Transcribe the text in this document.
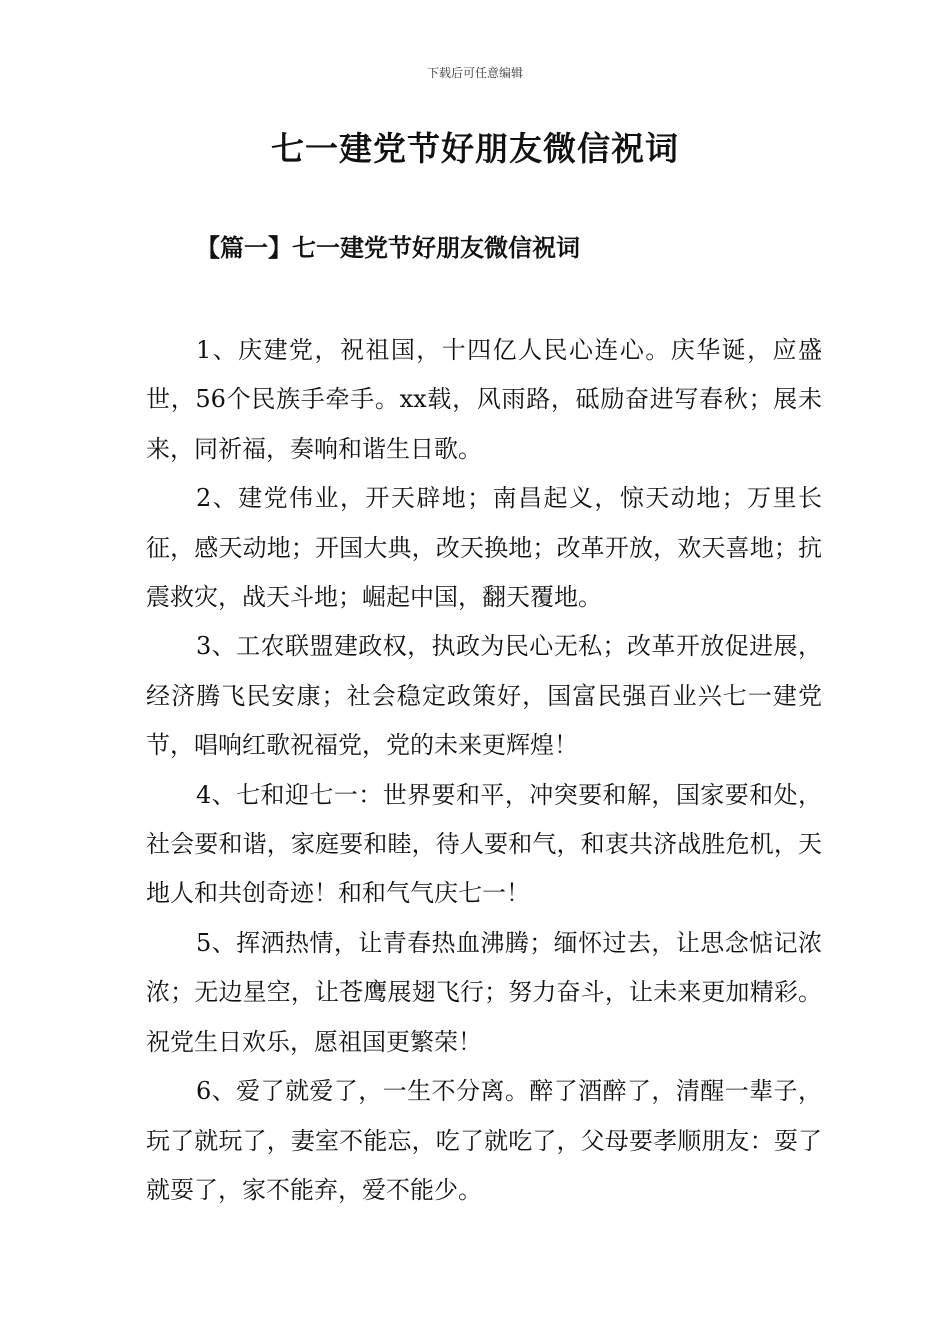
下载后可任意编辑
七一建党节好朋友微信祝词
【篇一】七一建党节好朋友微信祝词

1、庆建党，祝祖国，十四亿人民心连心。庆华诞，应盛世，56个民族手牵手。xx载，风雨路，砥励奋进写春秋；展未来，同祈福，奏响和谐生日歌。

2、建党伟业，开天辟地；南昌起义，惊天动地；万里长征，感天动地；开国大典，改天换地；改革开放，欢天喜地；抗震救灾，战天斗地；崛起中国，翻天覆地。

3、工农联盟建政权，执政为民心无私；改革开放促进展，经济腾飞民安康；社会稳定政策好，国富民强百业兴七一建党节，唱响红歌祝福党，党的未来更辉煌！

4、七和迎七一：世界要和平，冲突要和解，国家要和处，社会要和谐，家庭要和睦，待人要和气，和衷共济战胜危机，天地人和共创奇迹！和和气气庆七一！

5、挥洒热情，让青春热血沸腾；缅怀过去，让思念惦记浓浓；无边星空，让苍鹰展翅飞行；努力奋斗，让未来更加精彩。祝党生日欢乐，愿祖国更繁荣！

6、爱了就爱了，一生不分离。醉了酒醉了，清醒一辈子，玩了就玩了，妻室不能忘，吃了就吃了，父母要孝顺朋友：耍了就耍了，家不能弃，爱不能少。
